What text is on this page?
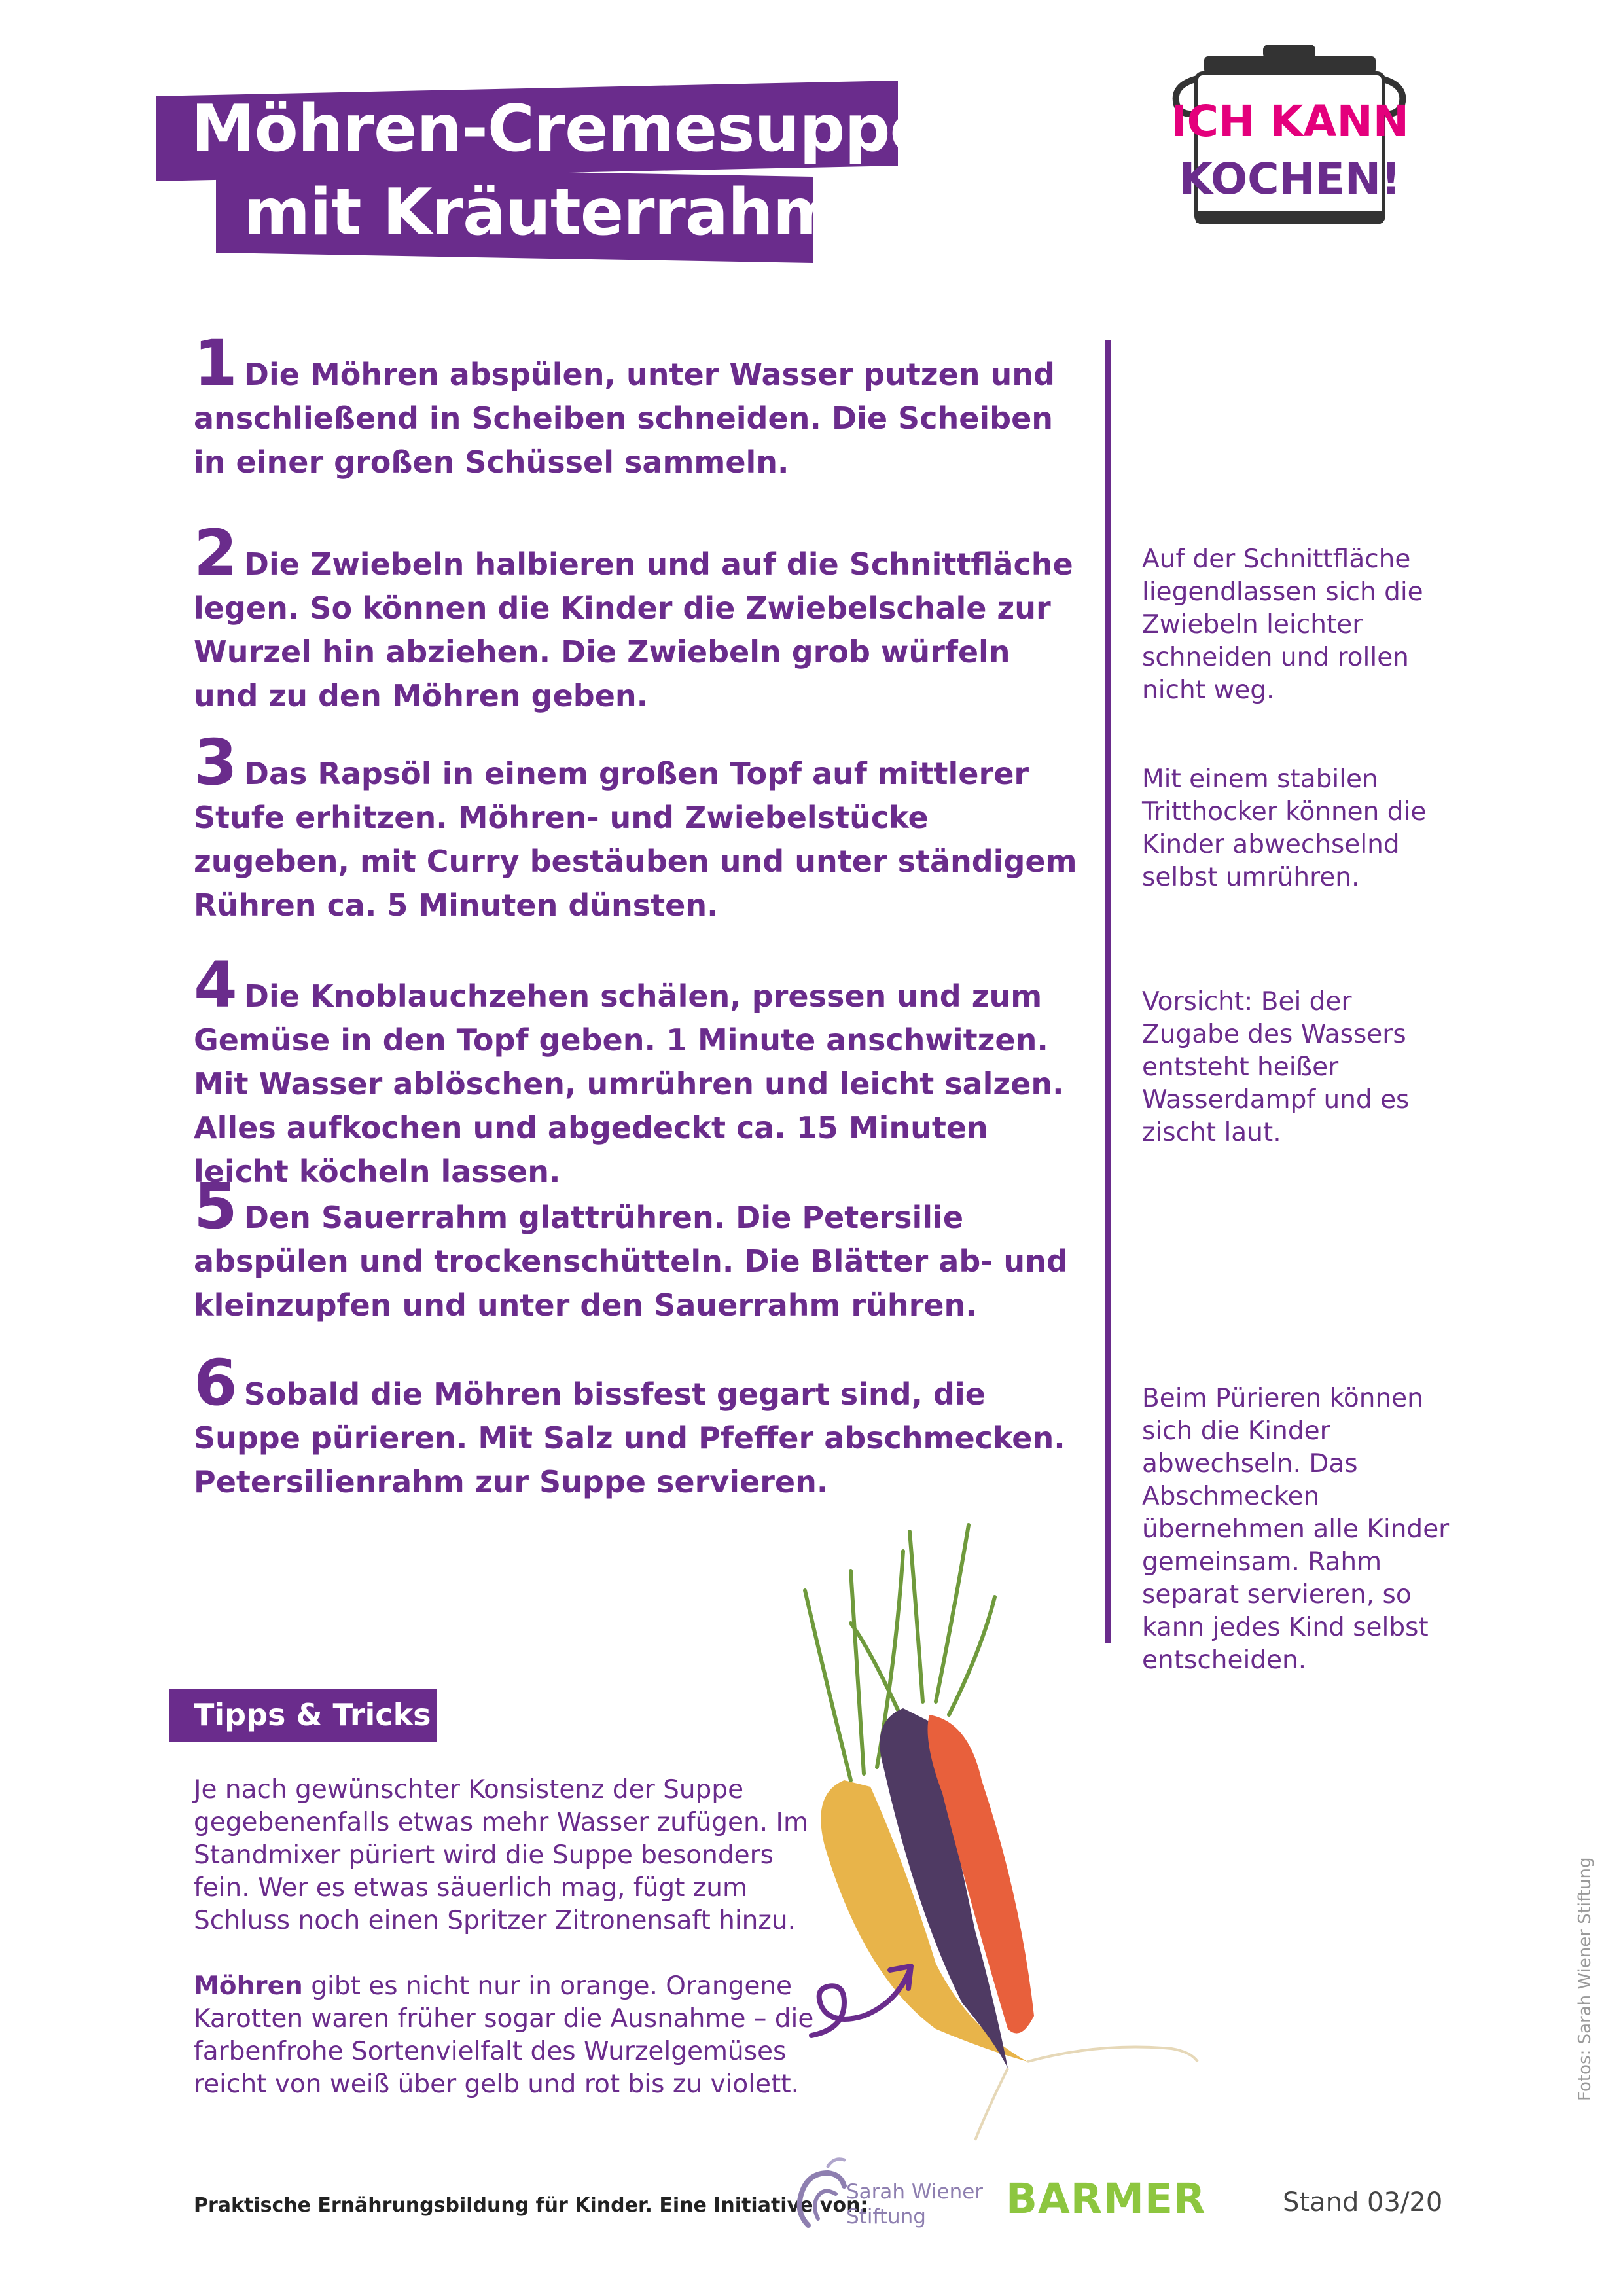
Möhren-Cremesuppe
mit Kräuterrahm
ICH KANN
KOCHEN!
1 Die Möhren abspülen, unter Wasser putzen und anschließend in Scheiben schneiden. Die Scheiben in einer großen Schüssel sammeln.
2 Die Zwiebeln halbieren und auf die Schnittfläche legen. So können die Kinder die Zwiebelschale zur Wurzel hin abziehen. Die Zwiebeln grob würfeln und zu den Möhren geben.
3 Das Rapsöl in einem großen Topf auf mittlerer Stufe erhitzen. Möhren- und Zwiebelstücke zugeben, mit Curry bestäuben und unter ständigem Rühren ca. 5 Minuten dünsten.
4 Die Knoblauchzehen schälen, pressen und zum Gemüse in den Topf geben. 1 Minute anschwitzen. Mit Wasser ablöschen, umrühren und leicht salzen. Alles aufkochen und abgedeckt ca. 15 Minuten leicht köcheln lassen.
5 Den Sauerrahm glattrühren. Die Petersilie abspülen und trockenschütteln. Die Blätter ab- und kleinzupfen und unter den Sauerrahm rühren.
6 Sobald die Möhren bissfest gegart sind, die Suppe pürieren. Mit Salz und Pfeffer abschmecken. Petersilienrahm zur Suppe servieren.
Auf der Schnittfläche liegendlassen sich die Zwiebeln leichter schneiden und rollen nicht weg.
Mit einem stabilen Tritthocker können die Kinder abwechselnd selbst umrühren.
Vorsicht: Bei der Zugabe des Wassers entsteht heißer Wasserdampf und es zischt laut.
Beim Pürieren können sich die Kinder abwechseln. Das Abschmecken übernehmen alle Kinder gemeinsam. Rahm separat servieren, so kann jedes Kind selbst entscheiden.
Tipps & Tricks
Je nach gewünschter Konsistenz der Suppe gegebenenfalls etwas mehr Wasser zufügen. Im Standmixer püriert wird die Suppe besonders fein. Wer es etwas säuerlich mag, fügt zum Schluss noch einen Spritzer Zitronensaft hinzu.
Möhren gibt es nicht nur in orange. Orangene Karotten waren früher sogar die Ausnahme – die farbenfrohe Sortenvielfalt des Wurzelgemüses reicht von weiß über gelb und rot bis zu violett.	Fotos: Sarah Wiener Stiftung
Praktische Ernährungsbildung für Kinder. Eine Initiative von:
Sarah Wiener
Stiftung	BARMER	Stand 03/20
